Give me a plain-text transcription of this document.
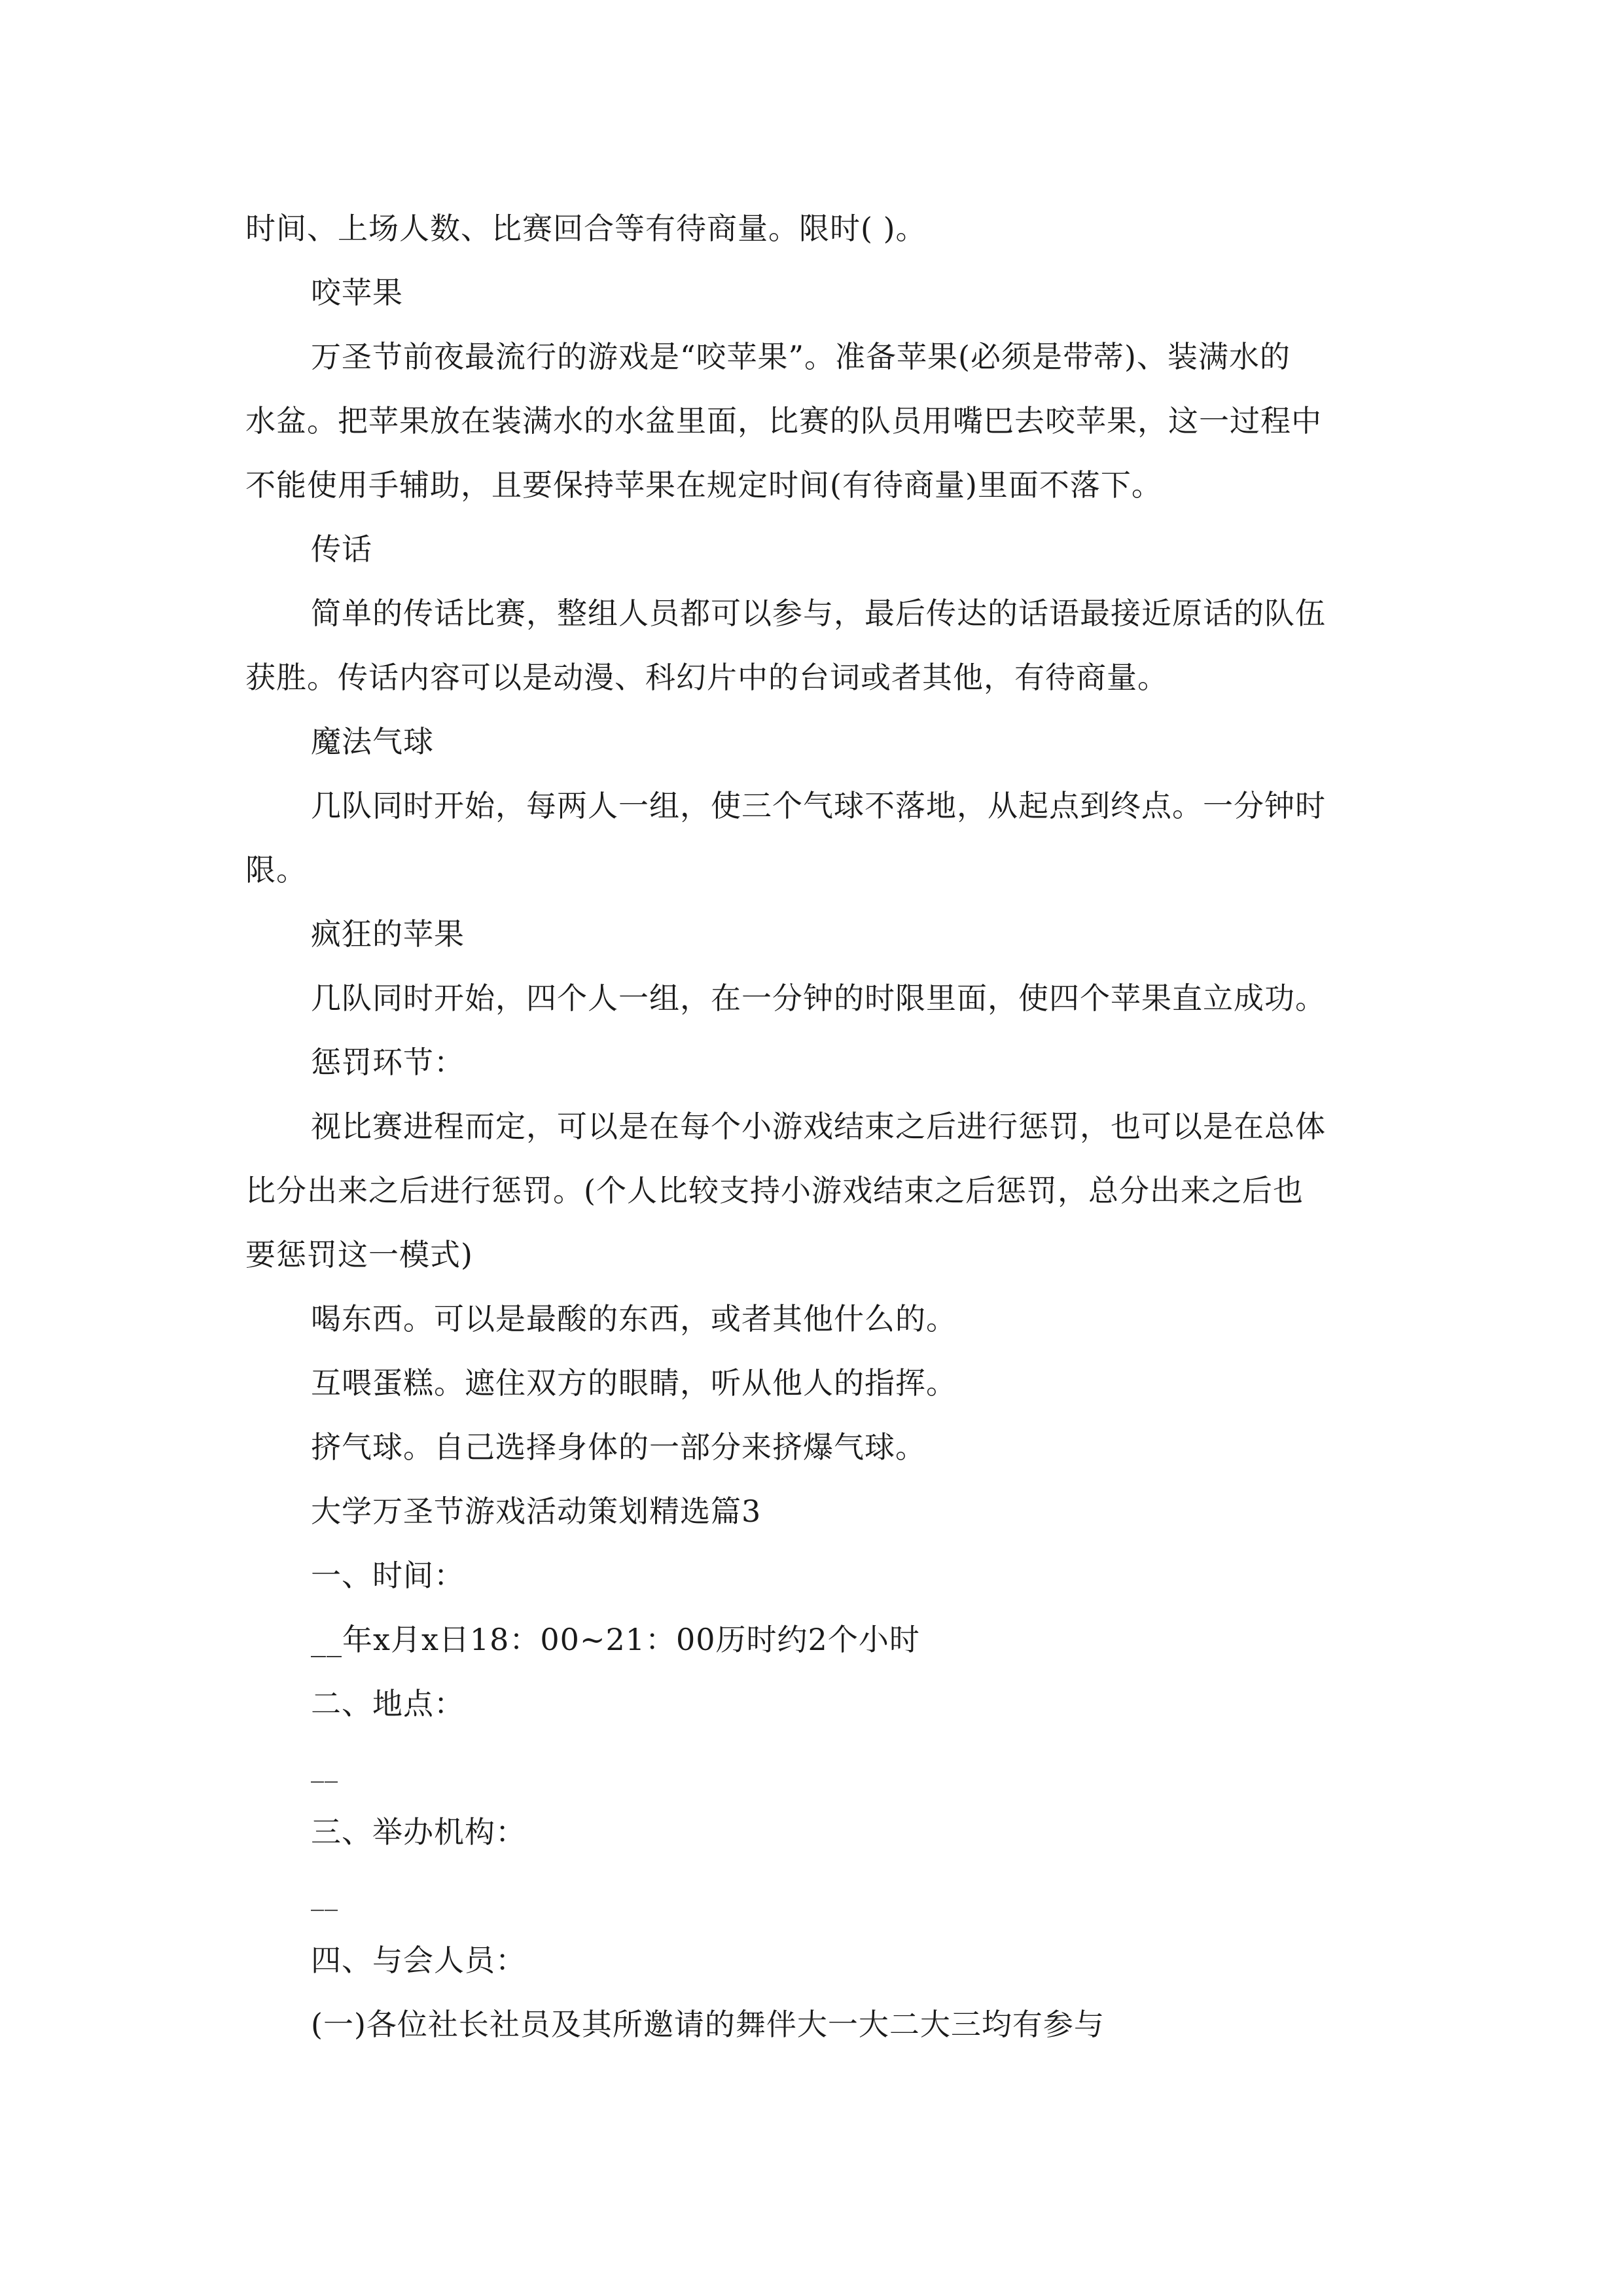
时间、上场人数、比赛回合等有待商量。限时( )。
咬苹果
万圣节前夜最流行的游戏是“咬苹果”。准备苹果(必须是带蒂)、装满水的
水盆。把苹果放在装满水的水盆里面，比赛的队员用嘴巴去咬苹果，这一过程中
不能使用手辅助，且要保持苹果在规定时间(有待商量)里面不落下。
传话
简单的传话比赛，整组人员都可以参与，最后传达的话语最接近原话的队伍
获胜。传话内容可以是动漫、科幻片中的台词或者其他，有待商量。
魔法气球
几队同时开始，每两人一组，使三个气球不落地，从起点到终点。一分钟时
限。
疯狂的苹果
几队同时开始，四个人一组，在一分钟的时限里面，使四个苹果直立成功。
惩罚环节：
视比赛进程而定，可以是在每个小游戏结束之后进行惩罚，也可以是在总体
比分出来之后进行惩罚。(个人比较支持小游戏结束之后惩罚，总分出来之后也
要惩罚这一模式)
喝东西。可以是最酸的东西，或者其他什么的。
互喂蛋糕。遮住双方的眼睛，听从他人的指挥。
挤气球。自己选择身体的一部分来挤爆气球。
大学万圣节游戏活动策划精选篇3
一、时间：
__年x月x日18：00~21：00历时约2个小时
二、地点：
__
三、举办机构：
__
四、与会人员：
(一)各位社长社员及其所邀请的舞伴大一大二大三均有参与
